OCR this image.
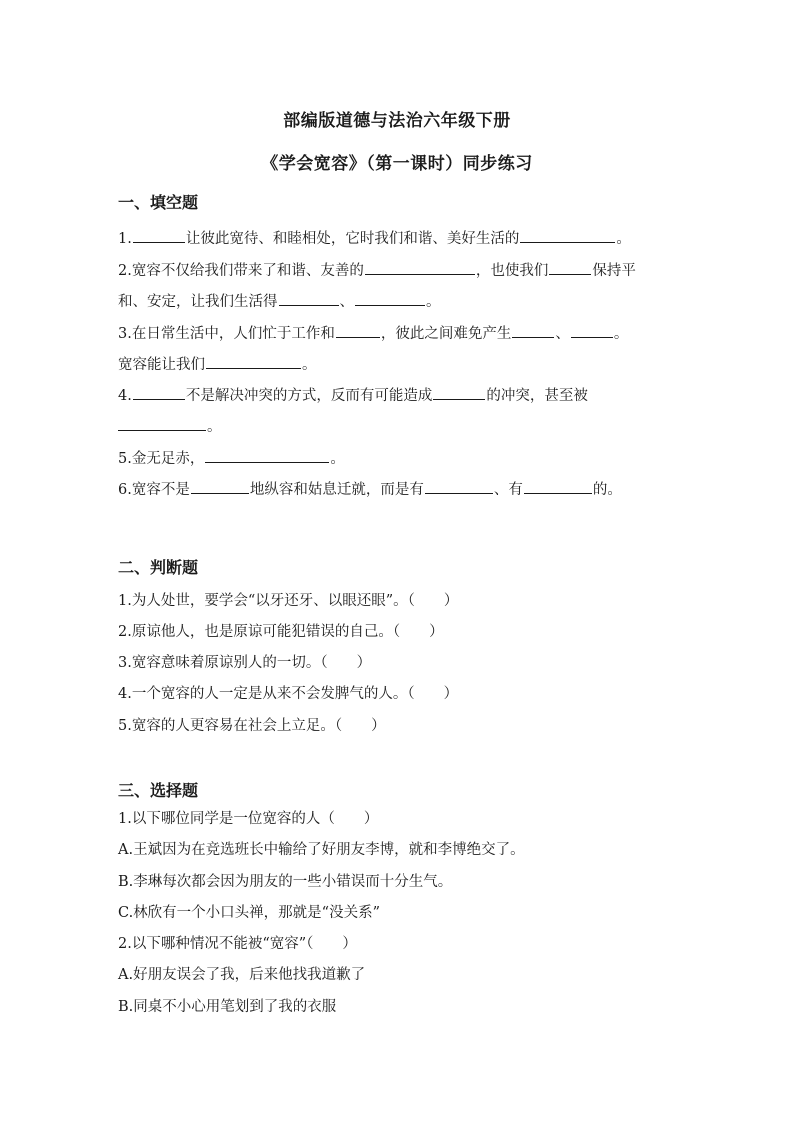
部编版道德与法治六年级下册
《学会宽容》（第一课时）同步练习
一、填空题
1.	让彼此宽待、和睦相处，它时我们和谐、美好生活的	。
2.宽容不仅给我们带来了和谐、友善的	，也使我们	保持平
和、安定，让我们生活得	、	。
3.在日常生活中，人们忙于工作和	，彼此之间难免产生	、	。
宽容能让我们	。
4.	不是解决冲突的方式，反而有可能造成	的冲突，甚至被
。
5.金无足赤，	。
6.宽容不是	地纵容和姑息迁就，而是有	、有	的。
二、判断题
1.为人处世，要学会“以牙还牙、以眼还眼”。（　　）
2.原谅他人，也是原谅可能犯错误的自己。（　　）
3.宽容意味着原谅别人的一切。（　　）
4.一个宽容的人一定是从来不会发脾气的人。（　　）
5.宽容的人更容易在社会上立足。（　　）
三、选择题
1.以下哪位同学是一位宽容的人（　　）
A.王斌因为在竞选班长中输给了好朋友李博，就和李博绝交了。
B.李琳每次都会因为朋友的一些小错误而十分生气。
C.林欣有一个小口头禅，那就是“没关系”
2.以下哪种情况不能被“宽容”（　　）
A.好朋友误会了我，后来他找我道歉了
B.同桌不小心用笔划到了我的衣服
